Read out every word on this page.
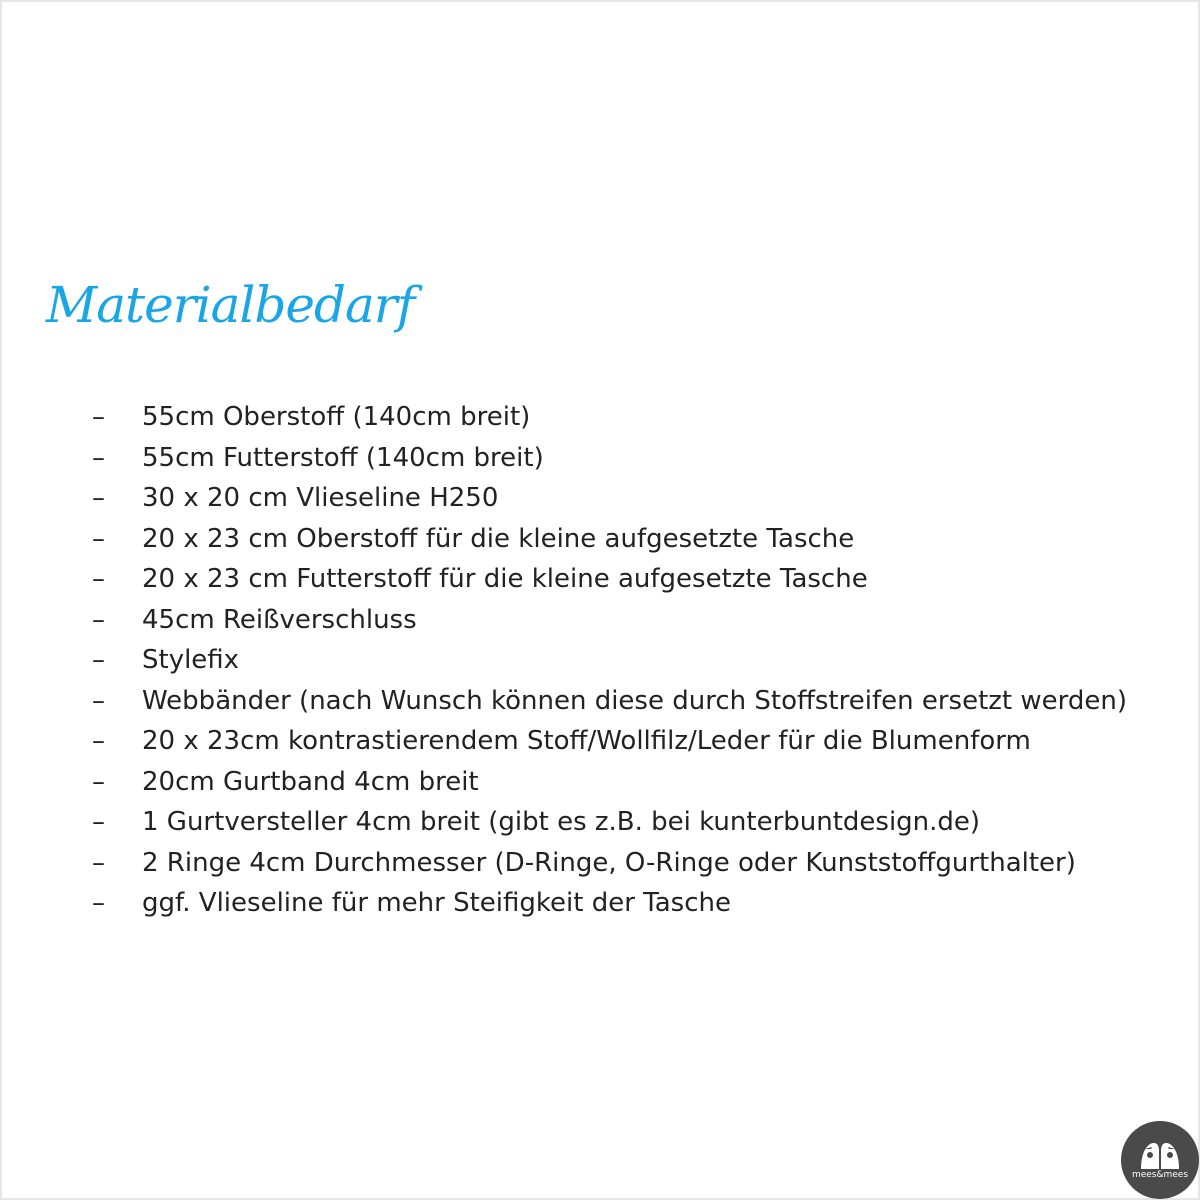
Materialbedarf
–	55cm Oberstoff (140cm breit)
–	55cm Futterstoff (140cm breit)
–	30 x 20 cm Vlieseline H250
–	20 x 23 cm Oberstoff für die kleine aufgesetzte Tasche
–	20 x 23 cm Futterstoff für die kleine aufgesetzte Tasche
–	45cm Reißverschluss
–	Stylefix
–	Webbänder (nach Wunsch können diese durch Stoffstreifen ersetzt werden)
–	20 x 23cm kontrastierendem Stoff/Wollfilz/Leder für die Blumenform
–	20cm Gurtband 4cm breit
–	1 Gurtversteller 4cm breit (gibt es z.B. bei kunterbuntdesign.de)
–	2 Ringe 4cm Durchmesser (D-Ringe, O-Ringe oder Kunststoffgurthalter)
–	ggf. Vlieseline für mehr Steifigkeit der Tasche
mees&mees
